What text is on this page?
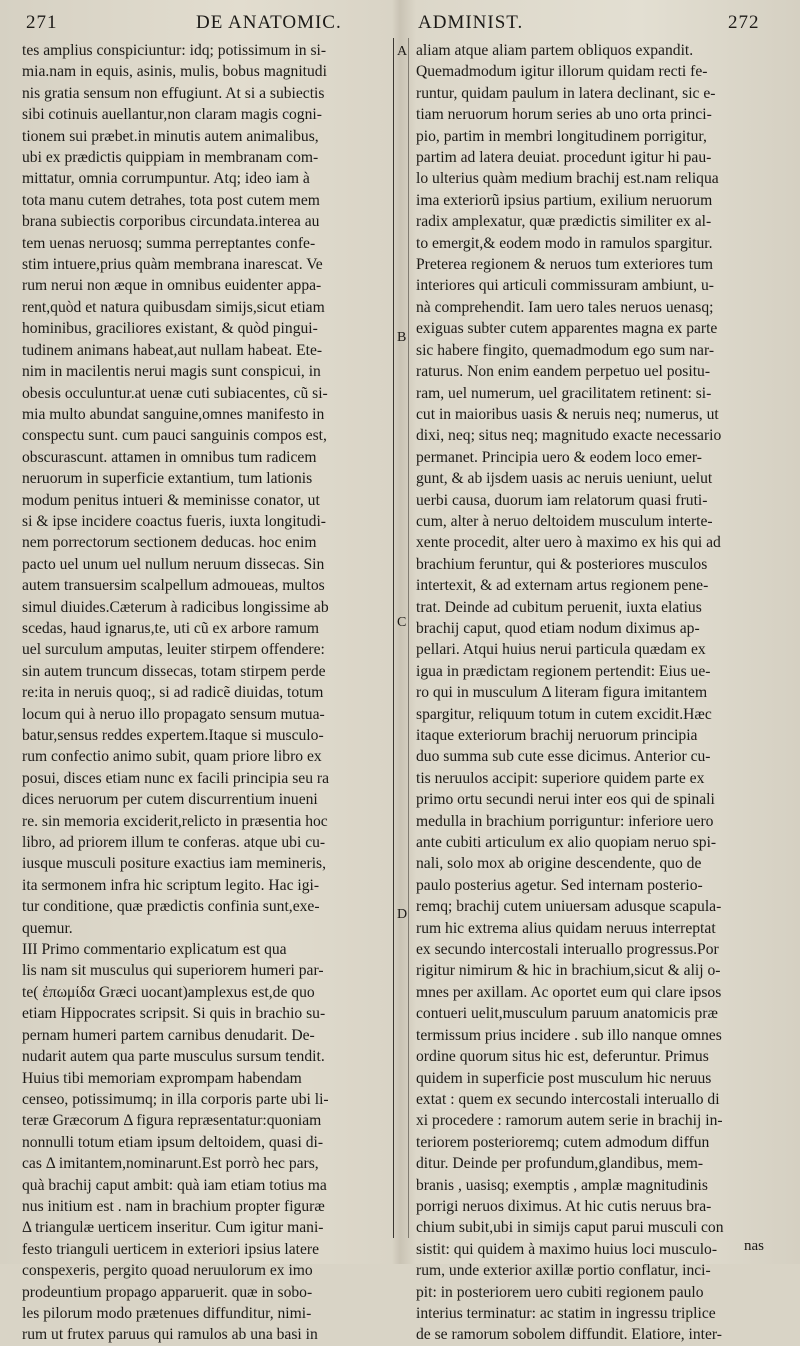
271	DE ANATOMIC.	ADMINIST.	272
A
B
C
D
tes amplius conspiciuntur: idq; potissimum in si-
mia.nam in equis, asinis, mulis, bobus magnitudi
nis gratia sensum non effugiunt. At si a subiectis
sibi cotinuis auellantur,non claram magis cogni-
tionem sui præbet.in minutis autem animalibus,
ubi ex prædictis quippiam in membranam com-
mittatur, omnia corrumpuntur. Atq; ideo iam à
tota manu cutem detrahes, tota post cutem mem
brana subiectis corporibus circundata.interea au
tem uenas neruosq; summa perreptantes confe-
stim intuere,prius quàm membrana inarescat. Ve
rum nerui non æque in omnibus euidenter appa-
rent,quòd et natura quibusdam simijs,sicut etiam
hominibus, graciliores existant, & quòd pingui-
tudinem animans habeat,aut nullam habeat. Ete-
nim in macilentis nerui magis sunt conspicui, in
obesis occuluntur.at uenæ cuti subiacentes, cũ si-
mia multo abundat sanguine,omnes manifesto in
conspectu sunt. cum pauci sanguinis compos est,
obscurascunt. attamen in omnibus tum radicem
neruorum in superficie extantium, tum lationis
modum penitus intueri & meminisse conator, ut
si & ipse incidere coactus fueris, iuxta longitudi-
nem porrectorum sectionem deducas. hoc enim
pacto uel unum uel nullum neruum dissecas. Sin
autem transuersim scalpellum admoueas, multos
simul diuides.Cæterum à radicibus longissime ab
scedas, haud ignarus,te, uti cũ ex arbore ramum
uel surculum amputas, leuiter stirpem offendere:
sin autem truncum dissecas, totam stirpem perde
re:ita in neruis quoq;, si ad radicẽ diuidas, totum
locum qui à neruo illo propagato sensum mutua-
batur,sensus reddes expertem.Itaque si musculo-
rum confectio animo subit, quam priore libro ex
posui, disces etiam nunc ex facili principia seu ra
dices neruorum per cutem discurrentium inueni
re. sin memoria exciderit,relicto in præsentia hoc
libro, ad priorem illum te conferas. atque ubi cu-
iusque musculi positure exactius iam memineris,
ita sermonem infra hic scriptum legito. Hac igi-
tur conditione, quæ prædictis confinia sunt,exe-
quemur.
III Primo commentario explicatum est qua
lis nam sit musculus qui superiorem humeri par-
te( ἐπωμίδα Græci uocant)amplexus est,de quo
etiam Hippocrates scripsit. Si quis in brachio su-
pernam humeri partem carnibus denudarit. De-
nudarit autem qua parte musculus sursum tendit.
Huius tibi memoriam exprompam habendam
censeo, potissimumq; in illa corporis parte ubi li-
teræ Græcorum Δ figura repræsentatur:quoniam
nonnulli totum etiam ipsum deltoidem, quasi di-
cas Δ imitantem,nominarunt.Est porrò hec pars,
quà brachij caput ambit: quà iam etiam totius ma
nus initium est . nam in brachium propter figuræ
Δ triangulæ uerticem inseritur. Cum igitur mani-
festo trianguli uerticem in exteriori ipsius latere
conspexeris, pergito quoad neruulorum ex imo
prodeuntium propago apparuerit. quæ in sobo-
les pilorum modo prætenues diffunditur, nimi-
rum ut frutex paruus qui ramulos ab una basi in
aliam atque aliam partem obliquos expandit.
Quemadmodum igitur illorum quidam recti fe-
runtur, quidam paulum in latera declinant, sic e-
tiam neruorum horum series ab uno orta princi-
pio, partim in membri longitudinem porrigitur,
partim ad latera deuiat. procedunt igitur hi pau-
lo ulterius quàm medium brachij est.nam reliqua
ima exteriorũ ipsius partium, exilium neruorum
radix amplexatur, quæ prædictis similiter ex al-
to emergit,& eodem modo in ramulos spargitur.
Preterea regionem & neruos tum exteriores tum
interiores qui articuli commissuram ambiunt, u-
nà comprehendit. Iam uero tales neruos uenasq;
exiguas subter cutem apparentes magna ex parte
sic habere fingito, quemadmodum ego sum nar-
raturus. Non enim eandem perpetuo uel positu-
ram, uel numerum, uel gracilitatem retinent: si-
cut in maioribus uasis & neruis neq; numerus, ut
dixi, neq; situs neq; magnitudo exacte necessario
permanet. Principia uero & eodem loco emer-
gunt, & ab ijsdem uasis ac neruis ueniunt, uelut
uerbi causa, duorum iam relatorum quasi fruti-
cum, alter à neruo deltoidem musculum interte-
xente procedit, alter uero à maximo ex his qui ad
brachium feruntur, qui & posteriores musculos
intertexit, & ad externam artus regionem pene-
trat. Deinde ad cubitum peruenit, iuxta elatius
brachij caput, quod etiam nodum diximus ap-
pellari. Atqui huius nerui particula quædam ex
igua in prædictam regionem pertendit: Eius ue-
ro qui in musculum Δ literam figura imitantem
spargitur, reliquum totum in cutem excidit.Hæc
itaque exteriorum brachij neruorum principia
duo summa sub cute esse dicimus. Anterior cu-
tis neruulos accipit: superiore quidem parte ex
primo ortu secundi nerui inter eos qui de spinali
medulla in brachium porriguntur: inferiore uero
ante cubiti articulum ex alio quopiam neruo spi-
nali, solo mox ab origine descendente, quo de
paulo posterius agetur. Sed internam posterio-
remq; brachij cutem uniuersam adusque scapula-
rum hic extrema alius quidam neruus interreptat
ex secundo intercostali interuallo progressus.Por
rigitur nimirum & hic in brachium,sicut & alij o-
mnes per axillam. Ac oportet eum qui clare ipsos
contueri uelit,musculum paruum anatomicis præ
termissum prius incidere . sub illo nanque omnes
ordine quorum situs hic est, deferuntur. Primus
quidem in superficie post musculum hic neruus
extat : quem ex secundo intercostali interuallo di
xi procedere : ramorum autem serie in brachij in-
teriorem posterioremq; cutem admodum diffun
ditur. Deinde per profundum,glandibus, mem-
branis , uasisq; exemptis , amplæ magnitudinis
porrigi neruos diximus. At hic cutis neruus bra-
chium subit,ubi in simijs caput parui musculi con
sistit: qui quidem à maximo huius loci musculo-
rum, unde exterior axillæ portio conflatur, inci-
pit: in posteriorem uero cubiti regionem paulo
interius terminatur: ac statim in ingressu triplice
de se ramorum sobolem diffundit. Elatiore, inter-
nas
